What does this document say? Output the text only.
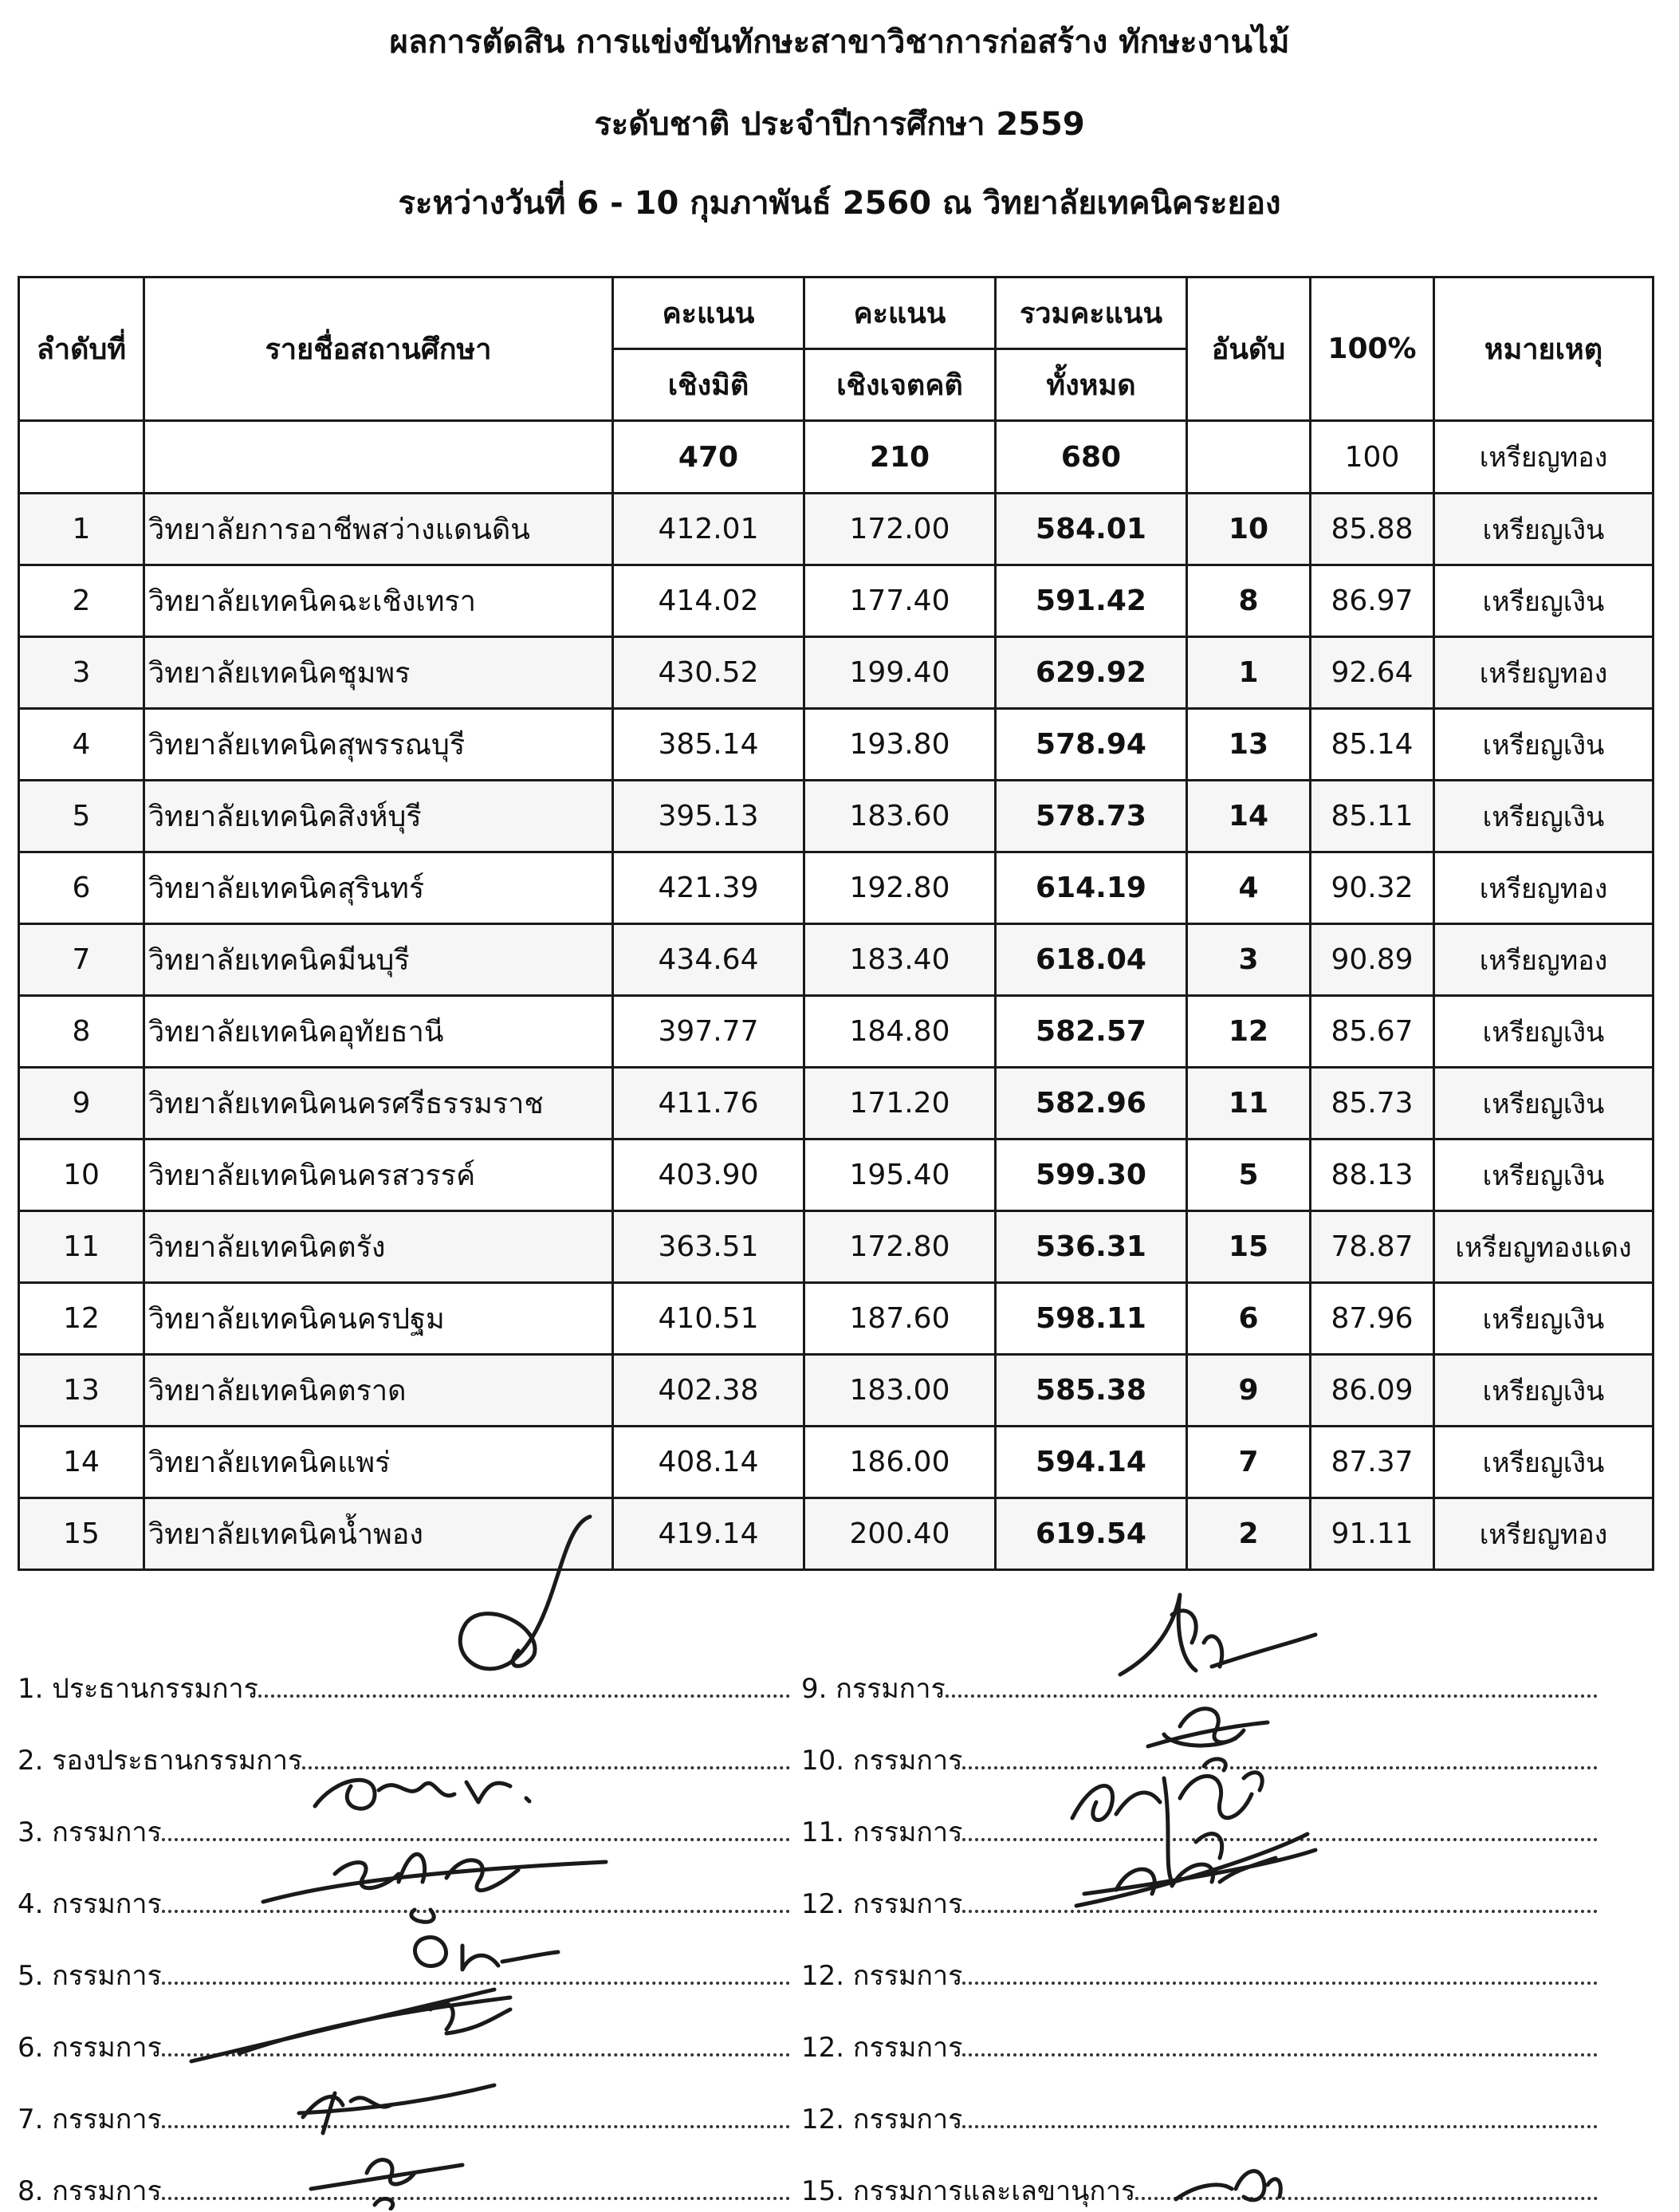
ผลการตัดสิน การแข่งขันทักษะสาขาวิชาการก่อสร้าง ทักษะงานไม้
ระดับชาติ ประจำปีการศึกษา 2559
ระหว่างวันที่ 6 - 10 กุมภาพันธ์ 2560 ณ วิทยาลัยเทคนิคระยอง
ลำดับที่	รายชื่อสถานศึกษา	คะแนน	คะแนน	รวมคะแนน	อันดับ	100%	หมายเหตุ
		เชิงมิติ	เชิงเจตคติ	ทั้งหมด			
		470	210	680		100	เหรียญทอง
1	วิทยาลัยการอาชีพสว่างแดนดิน	412.01	172.00	584.01	10	85.88	เหรียญเงิน
2	วิทยาลัยเทคนิคฉะเชิงเทรา	414.02	177.40	591.42	8	86.97	เหรียญเงิน
3	วิทยาลัยเทคนิคชุมพร	430.52	199.40	629.92	1	92.64	เหรียญทอง
4	วิทยาลัยเทคนิคสุพรรณบุรี	385.14	193.80	578.94	13	85.14	เหรียญเงิน
5	วิทยาลัยเทคนิคสิงห์บุรี	395.13	183.60	578.73	14	85.11	เหรียญเงิน
6	วิทยาลัยเทคนิคสุรินทร์	421.39	192.80	614.19	4	90.32	เหรียญทอง
7	วิทยาลัยเทคนิคมีนบุรี	434.64	183.40	618.04	3	90.89	เหรียญทอง
8	วิทยาลัยเทคนิคอุทัยธานี	397.77	184.80	582.57	12	85.67	เหรียญเงิน
9	วิทยาลัยเทคนิคนครศรีธรรมราช	411.76	171.20	582.96	11	85.73	เหรียญเงิน
10	วิทยาลัยเทคนิคนครสวรรค์	403.90	195.40	599.30	5	88.13	เหรียญเงิน
11	วิทยาลัยเทคนิคตรัง	363.51	172.80	536.31	15	78.87	เหรียญทองแดง
12	วิทยาลัยเทคนิคนครปฐม	410.51	187.60	598.11	6	87.96	เหรียญเงิน
13	วิทยาลัยเทคนิคตราด	402.38	183.00	585.38	9	86.09	เหรียญเงิน
14	วิทยาลัยเทคนิคแพร่	408.14	186.00	594.14	7	87.37	เหรียญเงิน
15	วิทยาลัยเทคนิคน้ำพอง	419.14	200.40	619.54	2	91.11	เหรียญทอง
1. ประธานกรรมการ
2. รองประธานกรรมการ
3. กรรมการ
4. กรรมการ
5. กรรมการ
6. กรรมการ
7. กรรมการ
8. กรรมการ
9. กรรมการ
10. กรรมการ
11. กรรมการ
12. กรรมการ
12. กรรมการ
12. กรรมการ
12. กรรมการ
15. กรรมการและเลขานุการ
